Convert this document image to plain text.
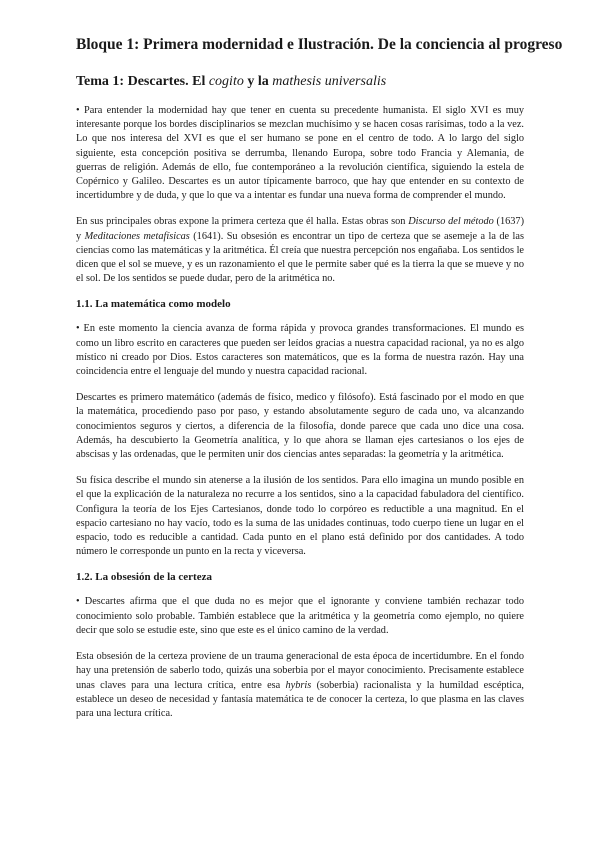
Bloque 1: Primera modernidad e Ilustración. De la conciencia al progreso
Tema 1: Descartes. El cogito y la mathesis universalis

• Para entender la modernidad hay que tener en cuenta su precedente humanista. El siglo XVI es muy interesante porque los bordes disciplinarios se mezclan muchísimo y se hacen cosas rarísimas, todo a la vez. Lo que nos interesa del XVI es que el ser humano se pone en el centro de todo. A lo largo del siglo siguiente, esta concepción positiva se derrumba, llenando Europa, sobre todo Francia y Alemania, de guerras de religión. Además de ello, fue contemporáneo a la revolución científica, siguiendo la estela de Copérnico y Galileo. Descartes es un autor típicamente barroco, que hay que entender en su contexto de incertidumbre y de duda, y que lo que va a intentar es fundar una nueva forma de comprender el mundo.

En sus principales obras expone la primera certeza que él halla. Estas obras son Discurso del método (1637) y Meditaciones metafísicas (1641). Su obsesión es encontrar un tipo de certeza que se asemeje a la de las ciencias como las matemáticas y la aritmética. Él creía que nuestra percepción nos engañaba. Los sentidos le dicen que el sol se mueve, y es un razonamiento el que le permite saber qué es la tierra la que se mueve y no el sol. De los sentidos se puede dudar, pero de la aritmética no.

1.1. La matemática como modelo

• En este momento la ciencia avanza de forma rápida y provoca grandes transformaciones. El mundo es como un libro escrito en caracteres que pueden ser leídos gracias a nuestra capacidad racional, ya no es algo místico ni creado por Dios. Estos caracteres son matemáticos, que es la forma de nuestra razón. Hay una coincidencia entre el lenguaje del mundo y nuestra capacidad racional.

Descartes es primero matemático (además de físico, medico y filósofo). Está fascinado por el modo en que la matemática, procediendo paso por paso, y estando absolutamente seguro de cada uno, va alcanzando conocimientos seguros y ciertos, a diferencia de la filosofía, donde parece que cada uno dice una cosa. Además, ha descubierto la Geometría analítica, y lo que ahora se llaman ejes cartesianos o los ejes de abscisas y las ordenadas, que le permiten unir dos ciencias antes separadas: la geometría y la aritmética.

Su física describe el mundo sin atenerse a la ilusión de los sentidos. Para ello imagina un mundo posible en el que la explicación de la naturaleza no recurre a los sentidos, sino a la capacidad fabuladora del científico. Configura la teoría de los Ejes Cartesianos, donde todo lo corpóreo es reductible a una magnitud. En el espacio cartesiano no hay vacío, todo es la suma de las unidades continuas, todo cuerpo tiene un lugar en el espacio, todo es reducible a cantidad. Cada punto en el plano está definido por dos cantidades. A todo número le corresponde un punto en la recta y viceversa.

1.2. La obsesión de la certeza

• Descartes afirma que el que duda no es mejor que el ignorante y conviene también rechazar todo conocimiento solo probable. También establece que la aritmética y la geometría como ejemplo, no quiere decir que solo se estudie este, sino que este es el único camino de la verdad.

Esta obsesión de la certeza proviene de un trauma generacional de esta época de incertidumbre. En el fondo hay una pretensión de saberlo todo, quizás una soberbia por el mayor conocimiento. Precisamente establece unas claves para una lectura crítica, entre esa hybris (soberbia) racionalista y la humildad escéptica, establece un deseo de necesidad y fantasía matemática te de conocer la certeza, lo que plasma en las claves para una lectura crítica.
